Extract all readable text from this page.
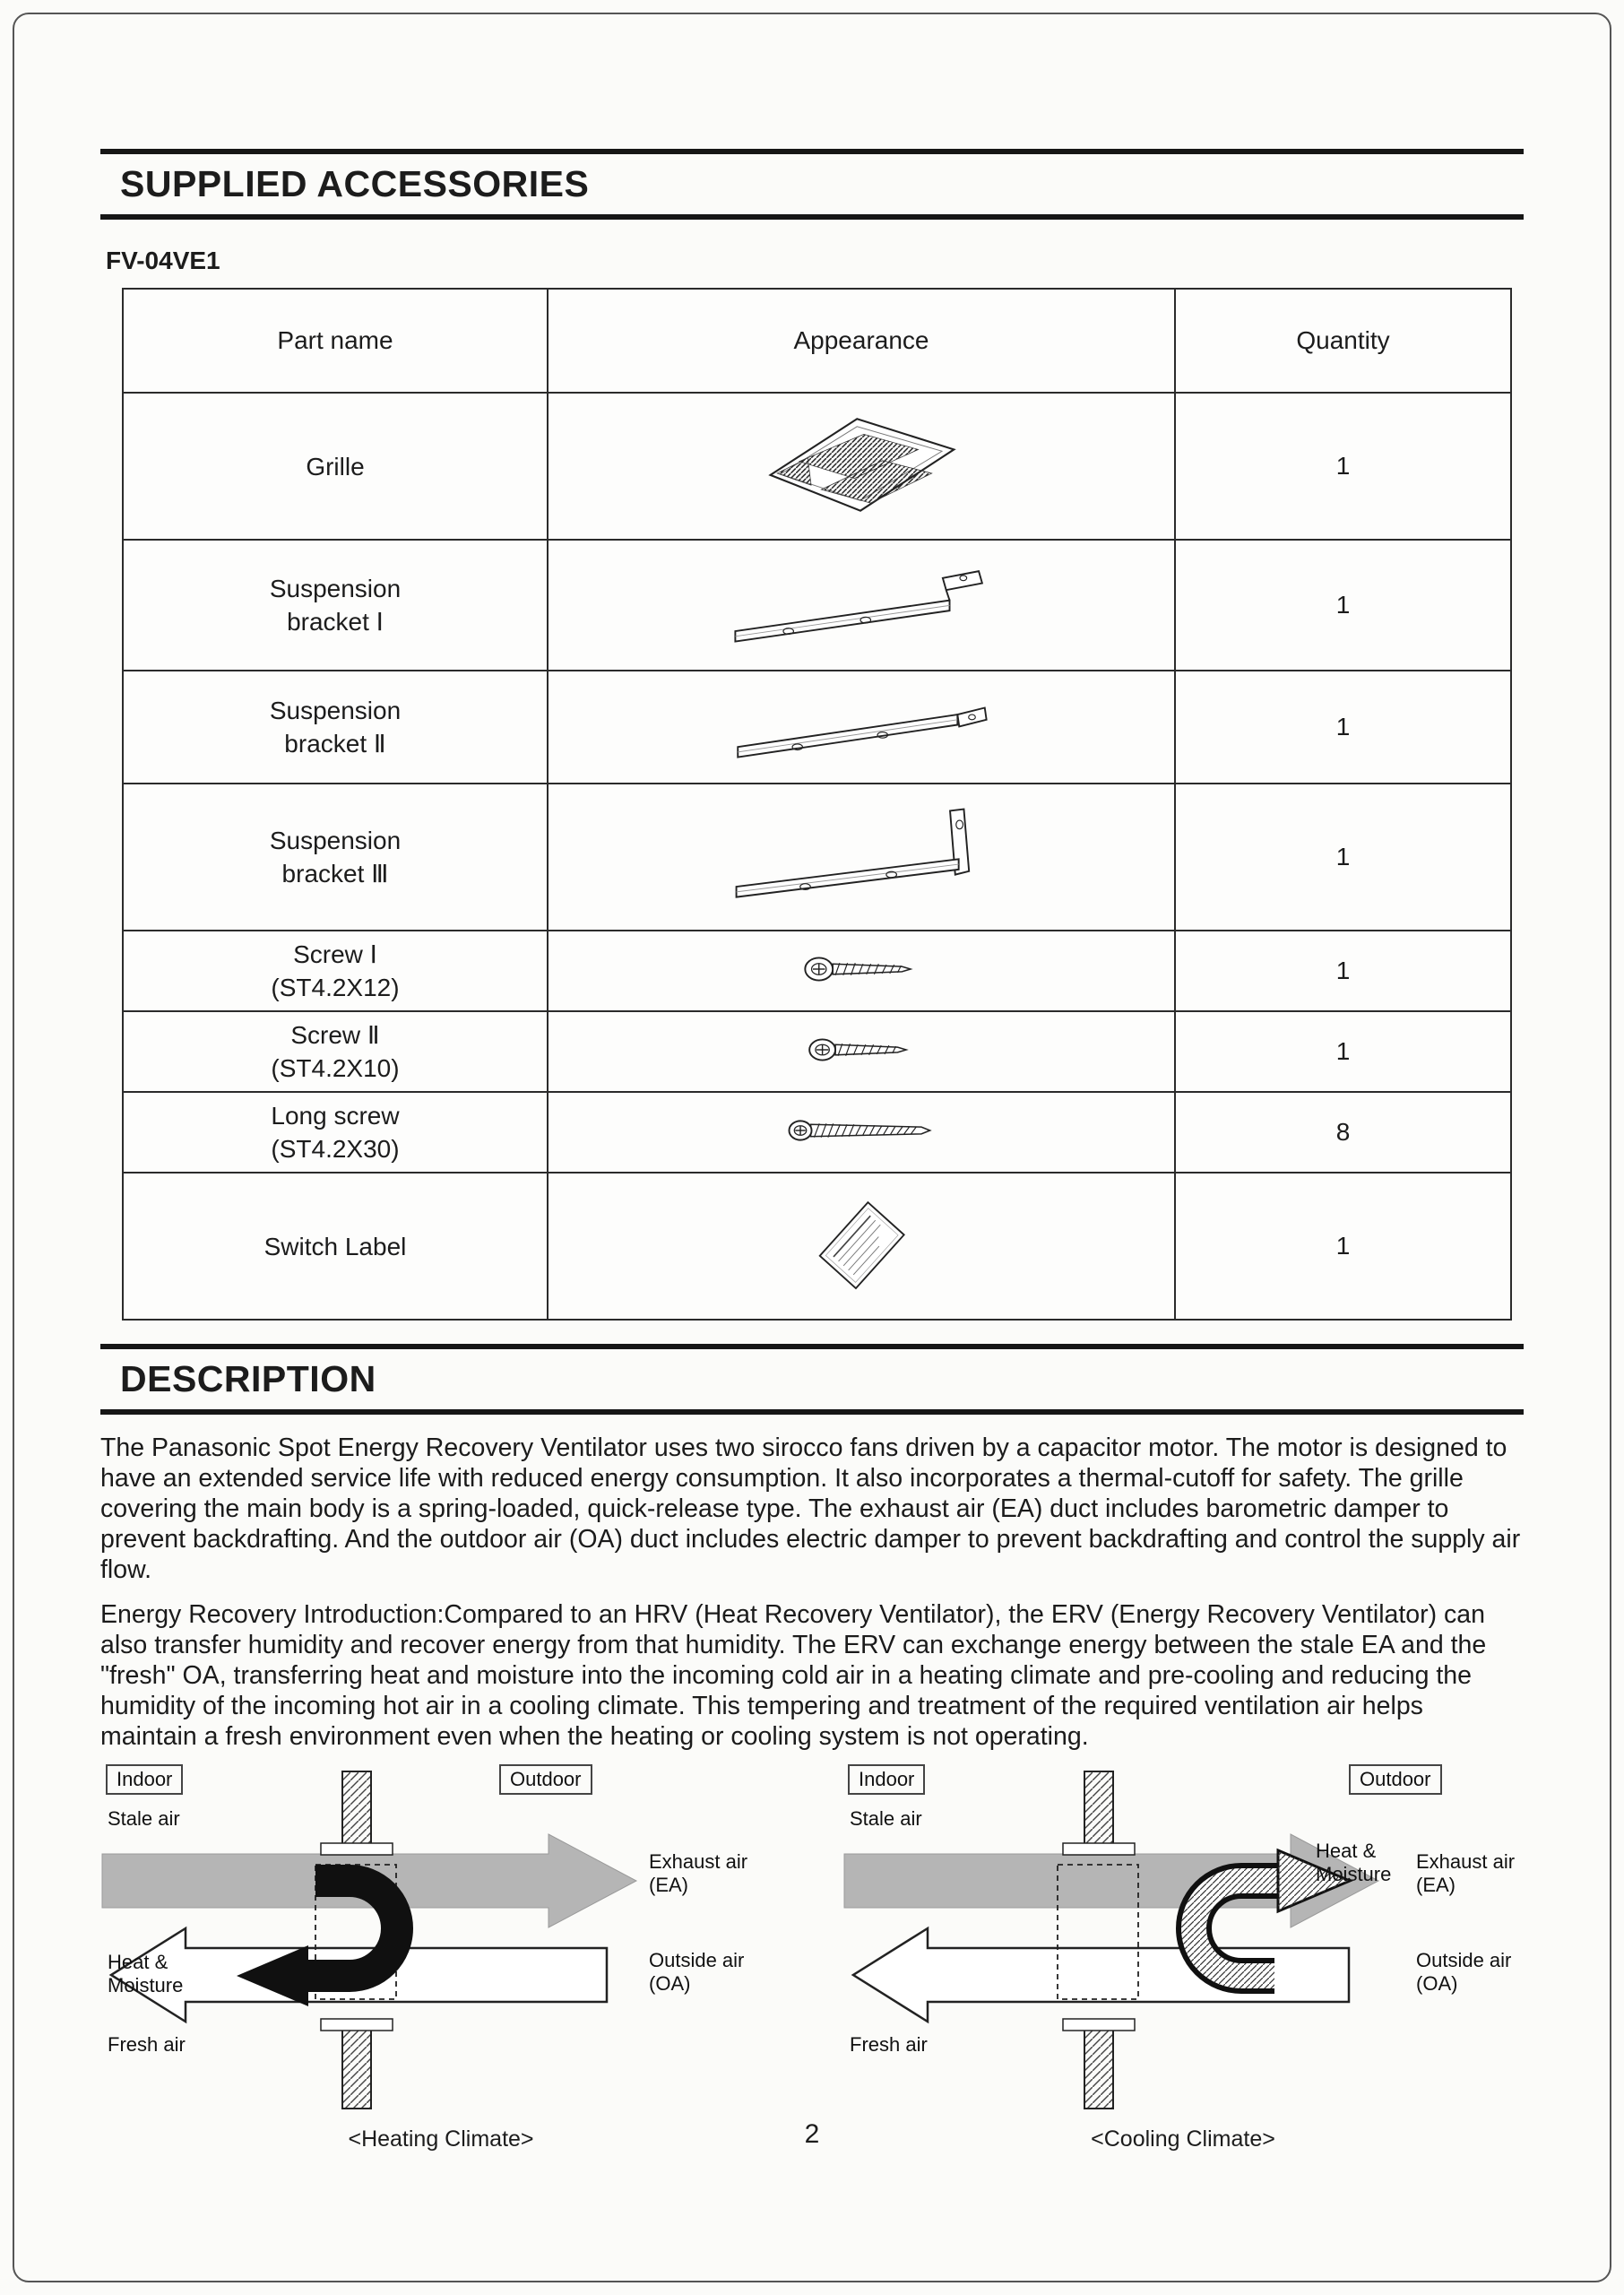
SUPPLIED ACCESSORIES
FV-04VE1
Part name	Appearance	Quantity

Grille		1

Suspension
bracket Ⅰ		1

Suspension
bracket Ⅱ		1

Suspension
bracket Ⅲ		1

Screw Ⅰ
(ST4.2X12)		1

Screw Ⅱ
(ST4.2X10)		1

Long screw
(ST4.2X30)		8

Switch Label		1
DESCRIPTION

The Panasonic Spot Energy Recovery Ventilator uses two sirocco fans driven by a capacitor motor. The motor is designed to have an extended service life with reduced energy consumption. It also incorporates a thermal-cutoff for safety. The grille covering the main body is a spring-loaded, quick-release type. The exhaust air (EA) duct includes barometric damper to prevent backdrafting. And the outdoor air (OA) duct includes electric damper to prevent backdrafting and control the supply air flow.

Energy Recovery Introduction:Compared to an HRV (Heat Recovery Ventilator), the ERV (Energy Recovery Ventilator) can also transfer humidity and recover energy from that humidity. The ERV can exchange energy between the stale EA and the "fresh" OA, transferring heat and moisture into the incoming cold air in a heating climate and pre-cooling and reducing the humidity of the incoming hot air in a cooling climate. This tempering and treatment of the required ventilation air helps maintain a fresh environment even when the heating or cooling system is not operating.

Indoor	Outdoor
Stale air
Exhaust air (EA)
Outside air (OA)
Heat & Moisture
Fresh air
<Heating Climate>	2
Indoor	Outdoor
Stale air
Heat & Moisture
Exhaust air (EA)
Outside air (OA)
Fresh air
<Cooling Climate>
